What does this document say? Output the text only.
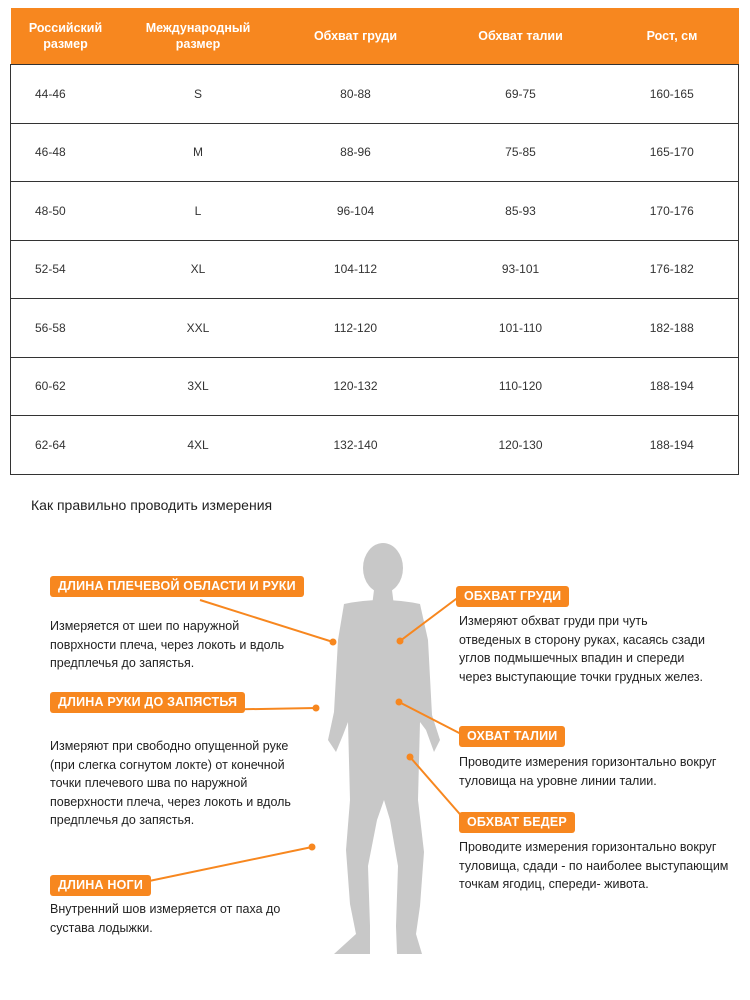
Российский размер	Международный размер	Обхват груди	Обхват талии	Рост, см
44-46	S	80-88	69-75	160-165
46-48	M	88-96	75-85	165-170
48-50	L	96-104	85-93	170-176
52-54	XL	104-112	93-101	176-182
56-58	XXL	112-120	101-110	182-188
60-62	3XL	120-132	110-120	188-194
62-64	4XL	132-140	120-130	188-194
Как правильно проводить измерения
ДЛИНА ПЛЕЧЕВОЙ ОБЛАСТИ И РУКИ

Измеряется от шеи по наружной поврхности плеча, через локоть и вдоль предплечья до запястья.

ДЛИНА РУКИ ДО ЗАПЯСТЬЯ

Измеряют при свободно опущенной руке (при слегка согнутом локте) от конечной точки плечевого шва по наружной поверхности плеча, через локоть и вдоль предплечья до запястья.

ДЛИНА НОГИ

Внутренний шов измеряется от паха до сустава лодыжки.

ОБХВАТ ГРУДИ

Измеряют обхват груди при чуть отведеных в сторону руках, касаясь сзади углов подмышечных впадин и спереди через выступающие точки грудных желез.

ОХВАТ ТАЛИИ

Проводите измерения горизонтально вокруг туловища на уровне линии талии.

ОБХВАТ БЕДЕР

Проводите измерения горизонтально вокруг туловища, сдади - по наиболее выступающим точкам ягодиц, спереди- живота.
